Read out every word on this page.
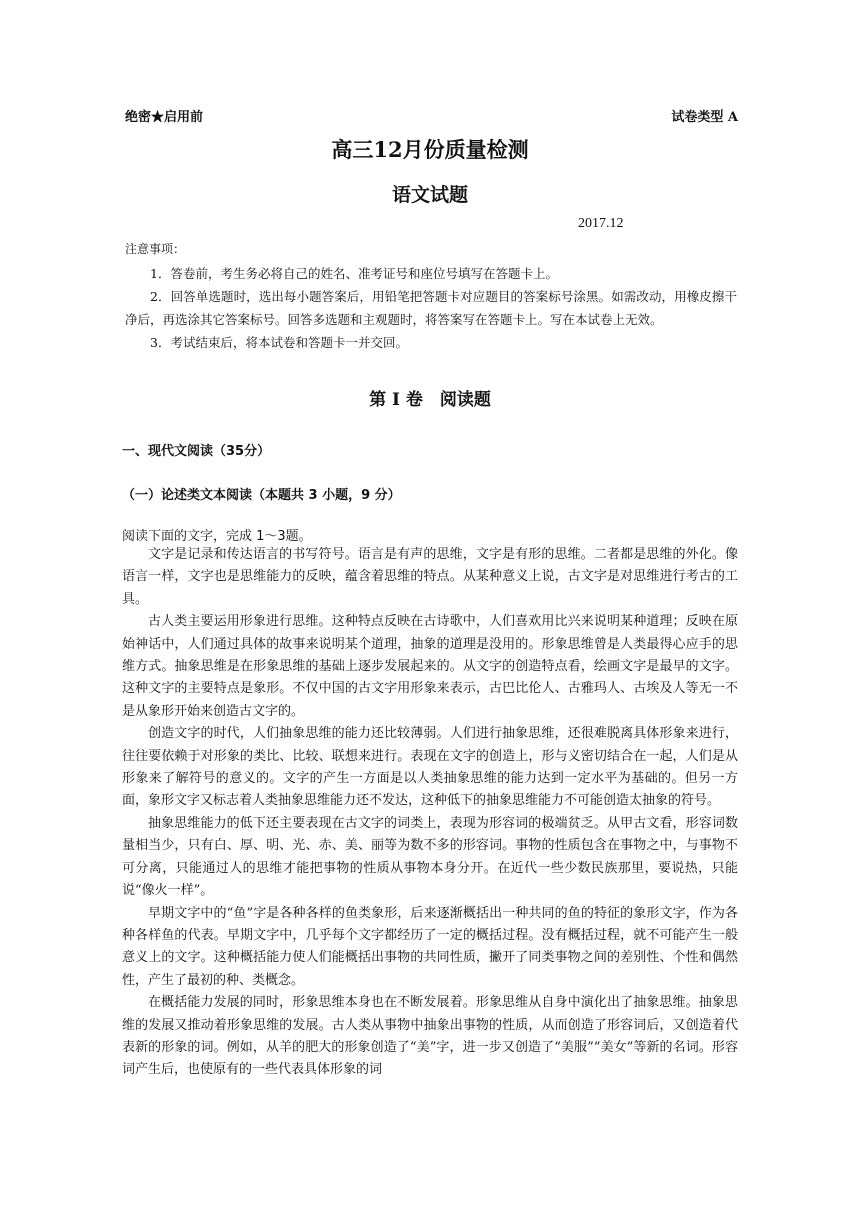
绝密★启用前	试卷类型 A
高三12月份质量检测
语文试题
2017.12
注意事项：

1．答卷前，考生务必将自己的姓名、准考证号和座位号填写在答题卡上。

2．回答单选题时，选出每小题答案后，用铅笔把答题卡对应题目的答案标号涂黑。如需改动，用橡皮擦干净后，再选涂其它答案标号。回答多选题和主观题时，将答案写在答题卡上。写在本试卷上无效。

3．考试结束后，将本试卷和答题卡一并交回。

第 I 卷　阅读题
一、现代文阅读（35分）
（一）论述类文本阅读（本题共 3 小题，9 分）
阅读下面的文字，完成 1～3题。

文字是记录和传达语言的书写符号。语言是有声的思维，文字是有形的思维。二者都是思维的外化。像语言一样，文字也是思维能力的反映，蕴含着思维的特点。从某种意义上说，古文字是对思维进行考古的工具。

古人类主要运用形象进行思维。这种特点反映在古诗歌中，人们喜欢用比兴来说明某种道理；反映在原始神话中，人们通过具体的故事来说明某个道理，抽象的道理是没用的。形象思维曾是人类最得心应手的思维方式。抽象思维是在形象思维的基础上逐步发展起来的。从文字的创造特点看，绘画文字是最早的文字。这种文字的主要特点是象形。不仅中国的古文字用形象来表示，古巴比伦人、古雅玛人、古埃及人等无一不是从象形开始来创造古文字的。

创造文字的时代，人们抽象思维的能力还比较薄弱。人们进行抽象思维，还很难脱离具体形象来进行，往往要依赖于对形象的类比、比较、联想来进行。表现在文字的创造上，形与义密切结合在一起，人们是从形象来了解符号的意义的。文字的产生一方面是以人类抽象思维的能力达到一定水平为基础的。但另一方面，象形文字又标志着人类抽象思维能力还不发达，这种低下的抽象思维能力不可能创造太抽象的符号。

抽象思维能力的低下还主要表现在古文字的词类上，表现为形容词的极端贫乏。从甲古文看，形容词数量相当少，只有白、厚、明、光、赤、美、丽等为数不多的形容词。事物的性质包含在事物之中，与事物不可分离，只能通过人的思维才能把事物的性质从事物本身分开。在近代一些少数民族那里，要说热，只能说“像火一样”。

早期文字中的“鱼”字是各种各样的鱼类象形，后来逐渐概括出一种共同的鱼的特征的象形文字，作为各种各样鱼的代表。早期文字中，几乎每个文字都经历了一定的概括过程。没有概括过程，就不可能产生一般意义上的文字。这种概括能力使人们能概括出事物的共同性质，撇开了同类事物之间的差别性、个性和偶然性，产生了最初的种、类概念。

在概括能力发展的同时，形象思维本身也在不断发展着。形象思维从自身中演化出了抽象思维。抽象思维的发展又推动着形象思维的发展。古人类从事物中抽象出事物的性质，从而创造了形容词后，又创造着代表新的形象的词。例如，从羊的肥大的形象创造了“美”字，进一步又创造了“美服”“美女”等新的名词。形容词产生后，也使原有的一些代表具体形象的词
